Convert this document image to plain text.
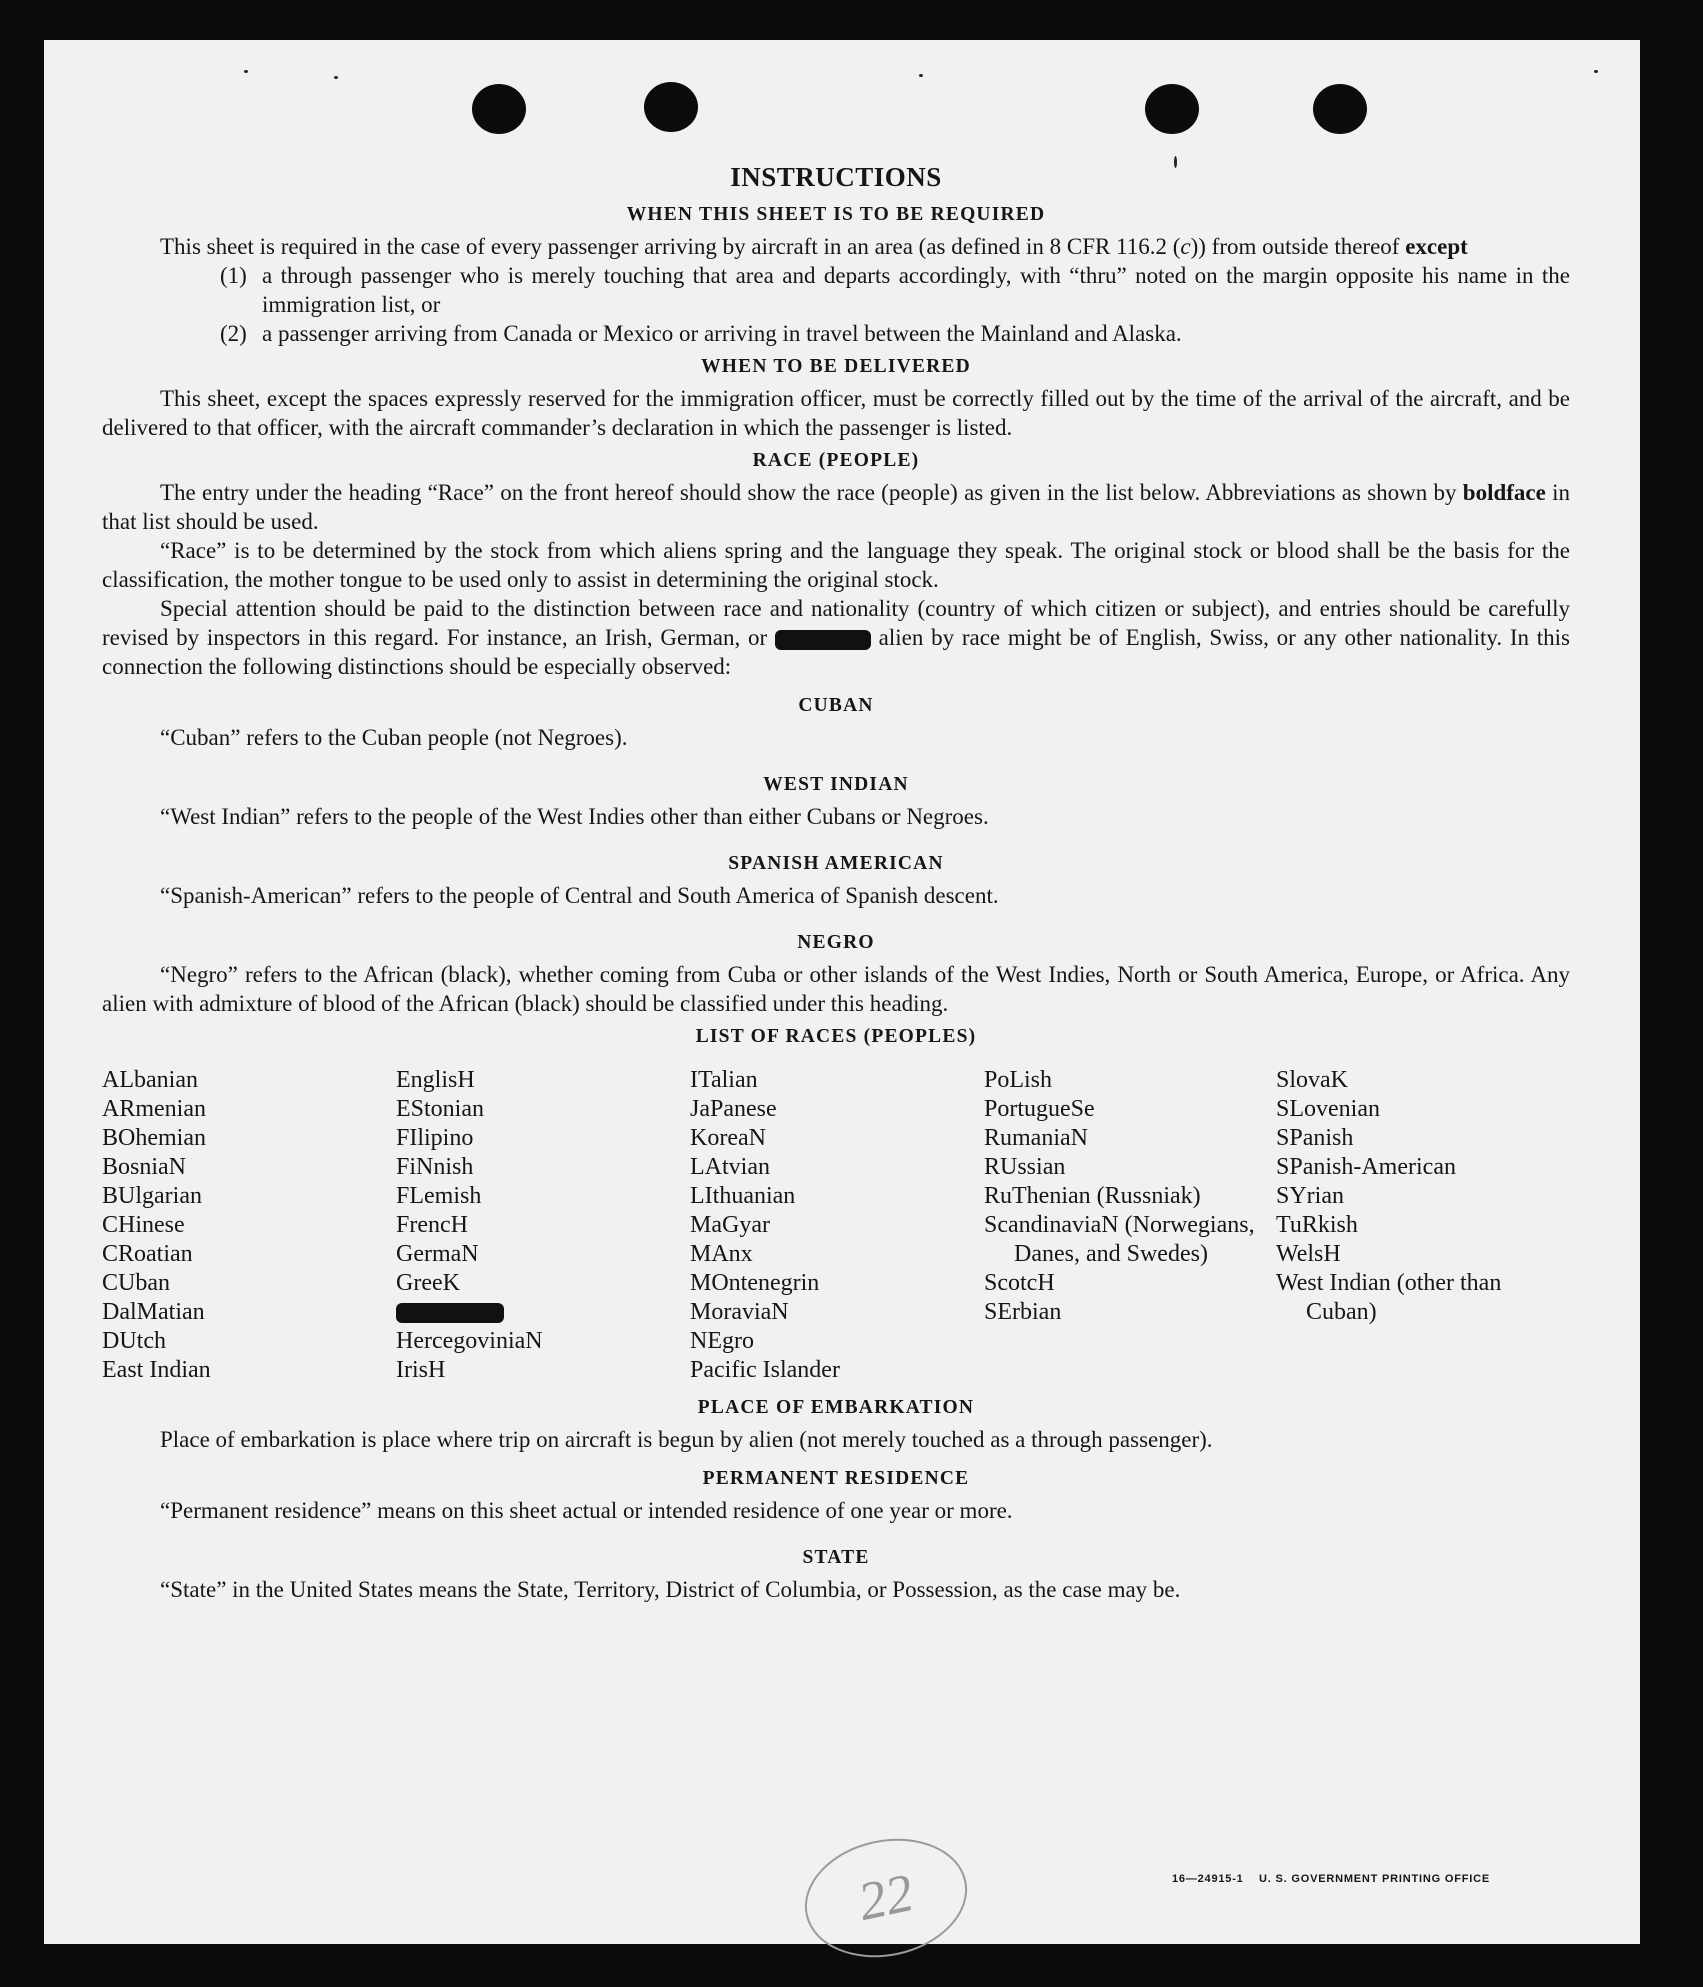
INSTRUCTIONS
WHEN THIS SHEET IS TO BE REQUIRED

This sheet is required in the case of every passenger arriving by aircraft in an area (as defined in 8 CFR 116.2 (c)) from outside thereof except

(1) a through passenger who is merely touching that area and departs accordingly, with “thru” noted on the margin opposite his name in the immigration list, or
(2) a passenger arriving from Canada or Mexico or arriving in travel between the Mainland and Alaska.
WHEN TO BE DELIVERED

This sheet, except the spaces expressly reserved for the immigration officer, must be correctly filled out by the time of the arrival of the aircraft, and be delivered to that officer, with the aircraft commander’s declaration in which the passenger is listed.

RACE (PEOPLE)

The entry under the heading “Race” on the front hereof should show the race (people) as given in the list below. Abbreviations as shown by boldface in that list should be used.

“Race” is to be determined by the stock from which aliens spring and the language they speak. The original stock or blood shall be the basis for the classification, the mother tongue to be used only to assist in determining the original stock.

Special attention should be paid to the distinction between race and nationality (country of which citizen or subject), and entries should be carefully revised by inspectors in this regard. For instance, an Irish, German, or	alien by race might be of English, Swiss, or any other nationality. In this connection the following distinctions should be especially observed:

CUBAN

“Cuban” refers to the Cuban people (not Negroes).

WEST INDIAN

“West Indian” refers to the people of the West Indies other than either Cubans or Negroes.

SPANISH AMERICAN

“Spanish-American” refers to the people of Central and South America of Spanish descent.

NEGRO

“Negro” refers to the African (black), whether coming from Cuba or other islands of the West Indies, North or South America, Europe, or Africa. Any alien with admixture of blood of the African (black) should be classified under this heading.

LIST OF RACES (PEOPLES)
ALbanian
ARmenian
BOhemian
BosniaN
BUlgarian
CHinese
CRoatian
CUban
DalMatian
DUtch
East Indian
EnglisH
EStonian
FIlipino
FiNnish
FLemish
FrencH
GermaN
GreeK
HercegoviniaN
IrisH
ITalian
JaPanese
KoreaN
LAtvian
LIthuanian
MaGyar
MAnx
MOntenegrin
MoraviaN
NEgro
Pacific Islander
PoLish
PortugueSe
RumaniaN
RUssian
RuThenian (Russniak)
ScandinaviaN (Norwegians, Danes, and Swedes)
ScotcH
SErbian
SlovaK
SLovenian
SPanish
SPanish-American
SYrian
TuRkish
WelsH
West Indian (other than Cuban)
PLACE OF EMBARKATION

Place of embarkation is place where trip on aircraft is begun by alien (not merely touched as a through passenger).

PERMANENT RESIDENCE

“Permanent residence” means on this sheet actual or intended residence of one year or more.

STATE

“State” in the United States means the State, Territory, District of Columbia, or Possession, as the case may be.

22	16—24915-1 U. S. GOVERNMENT PRINTING OFFICE
